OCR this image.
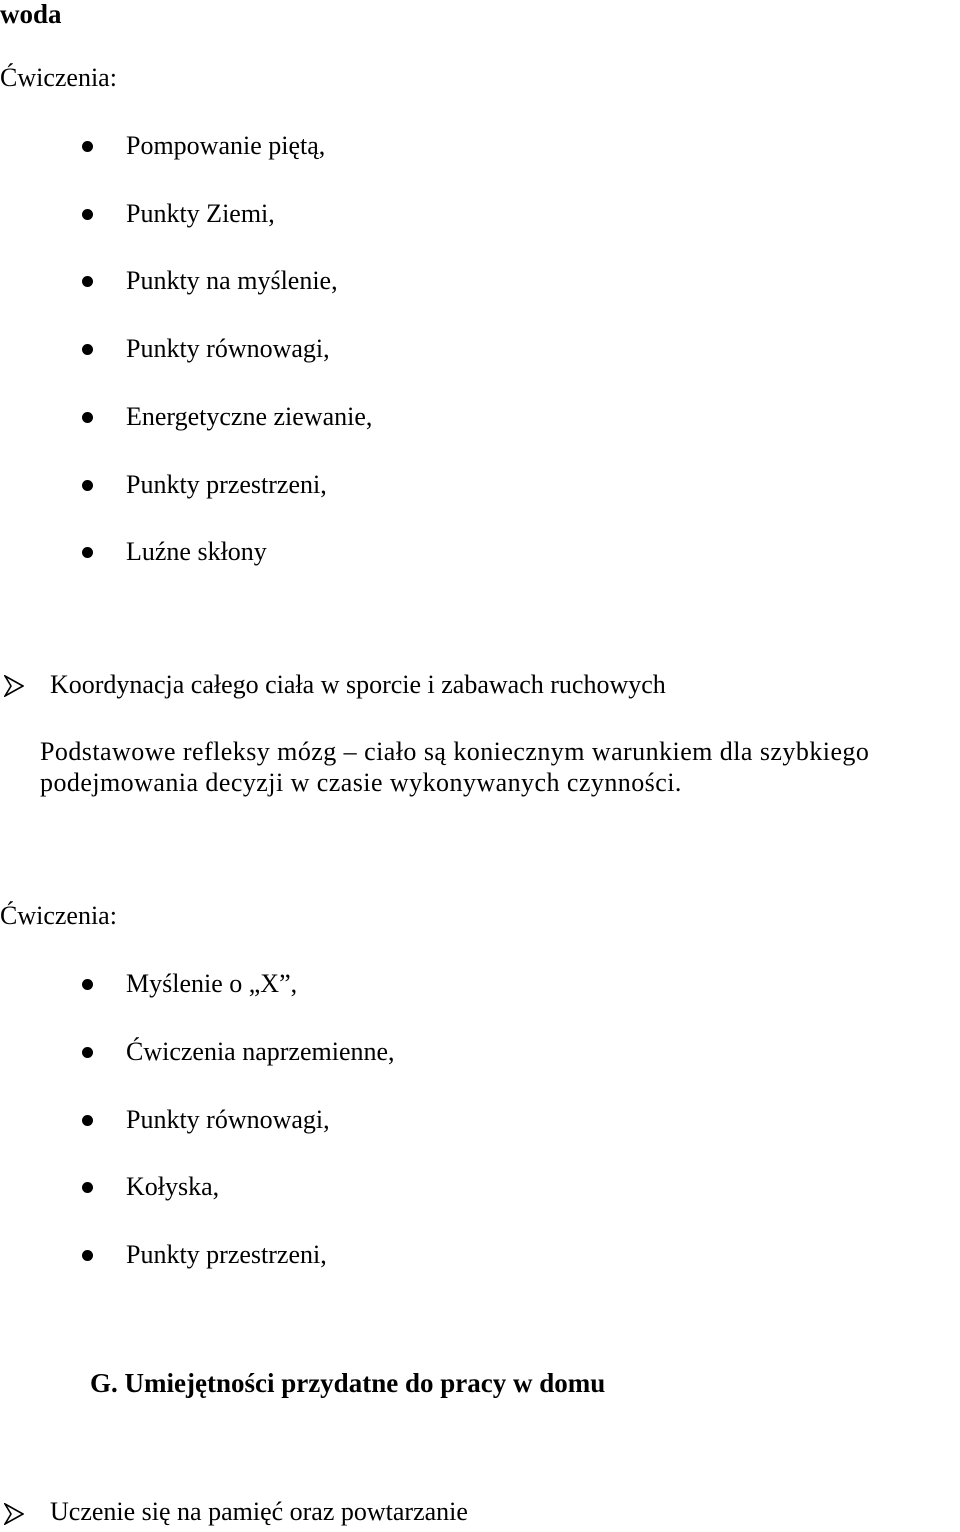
woda
Ćwiczenia:
Pompowanie piętą,
Punkty Ziemi,
Punkty na myślenie,
Punkty równowagi,
Energetyczne ziewanie,
Punkty przestrzeni,
Luźne skłony
Koordynacja całego ciała w sporcie i zabawach ruchowych
Podstawowe refleksy mózg – ciało są koniecznym warunkiem dla szybkiego podejmowania decyzji w czasie wykonywanych czynności.
Ćwiczenia:
Myślenie o „X”,
Ćwiczenia naprzemienne,
Punkty równowagi,
Kołyska,
Punkty przestrzeni,
G. Umiejętności przydatne do pracy w domu
Uczenie się na pamięć oraz powtarzanie
